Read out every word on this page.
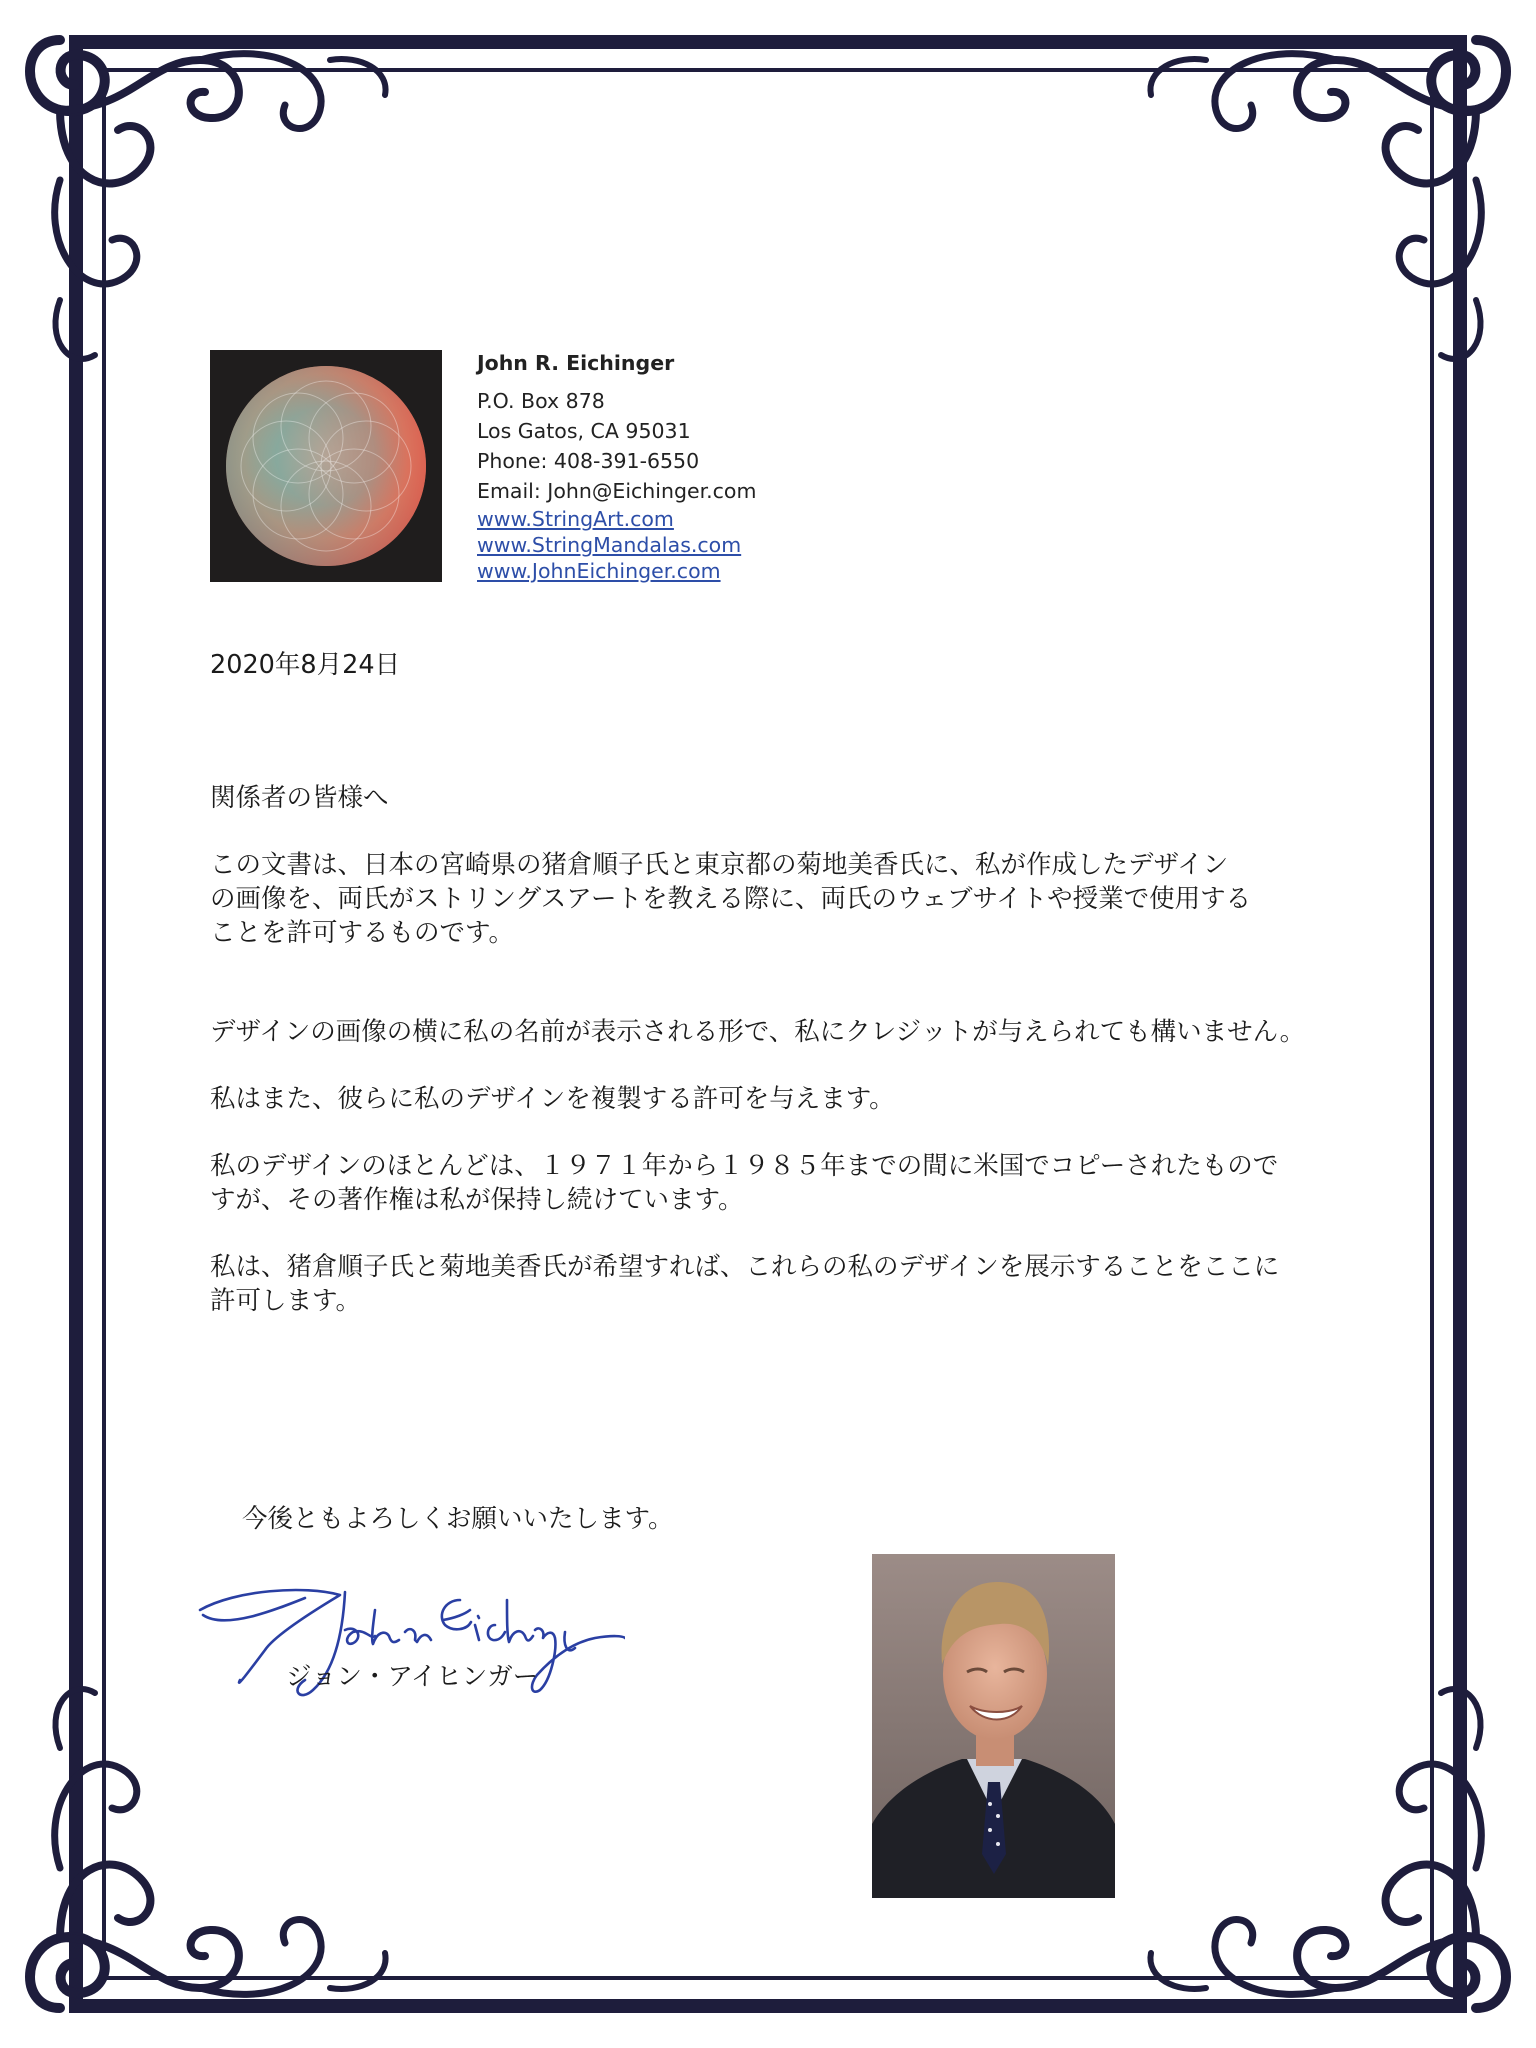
John R. Eichinger
P.O. Box 878
Los Gatos, CA 95031
Phone: 408-391-6550
Email: John@Eichinger.com
www.StringArt.com
www.StringMandalas.com
www.JohnEichinger.com
2020年8月24日
関係者の皆様へ
この文書は、日本の宮崎県の猪倉順子氏と東京都の菊地美香氏に、私が作成したデザイン
の画像を、両氏がストリングスアートを教える際に、両氏のウェブサイトや授業で使用する
ことを許可するものです。
デザインの画像の横に私の名前が表示される形で、私にクレジットが与えられても構いません。
私はまた、彼らに私のデザインを複製する許可を与えます。
私のデザインのほとんどは、１９７１年から１９８５年までの間に米国でコピーされたもので
すが、その著作権は私が保持し続けています。
私は、猪倉順子氏と菊地美香氏が希望すれば、これらの私のデザインを展示することをここに
許可します。
今後ともよろしくお願いいたします。
ジョン・アイヒンガー
